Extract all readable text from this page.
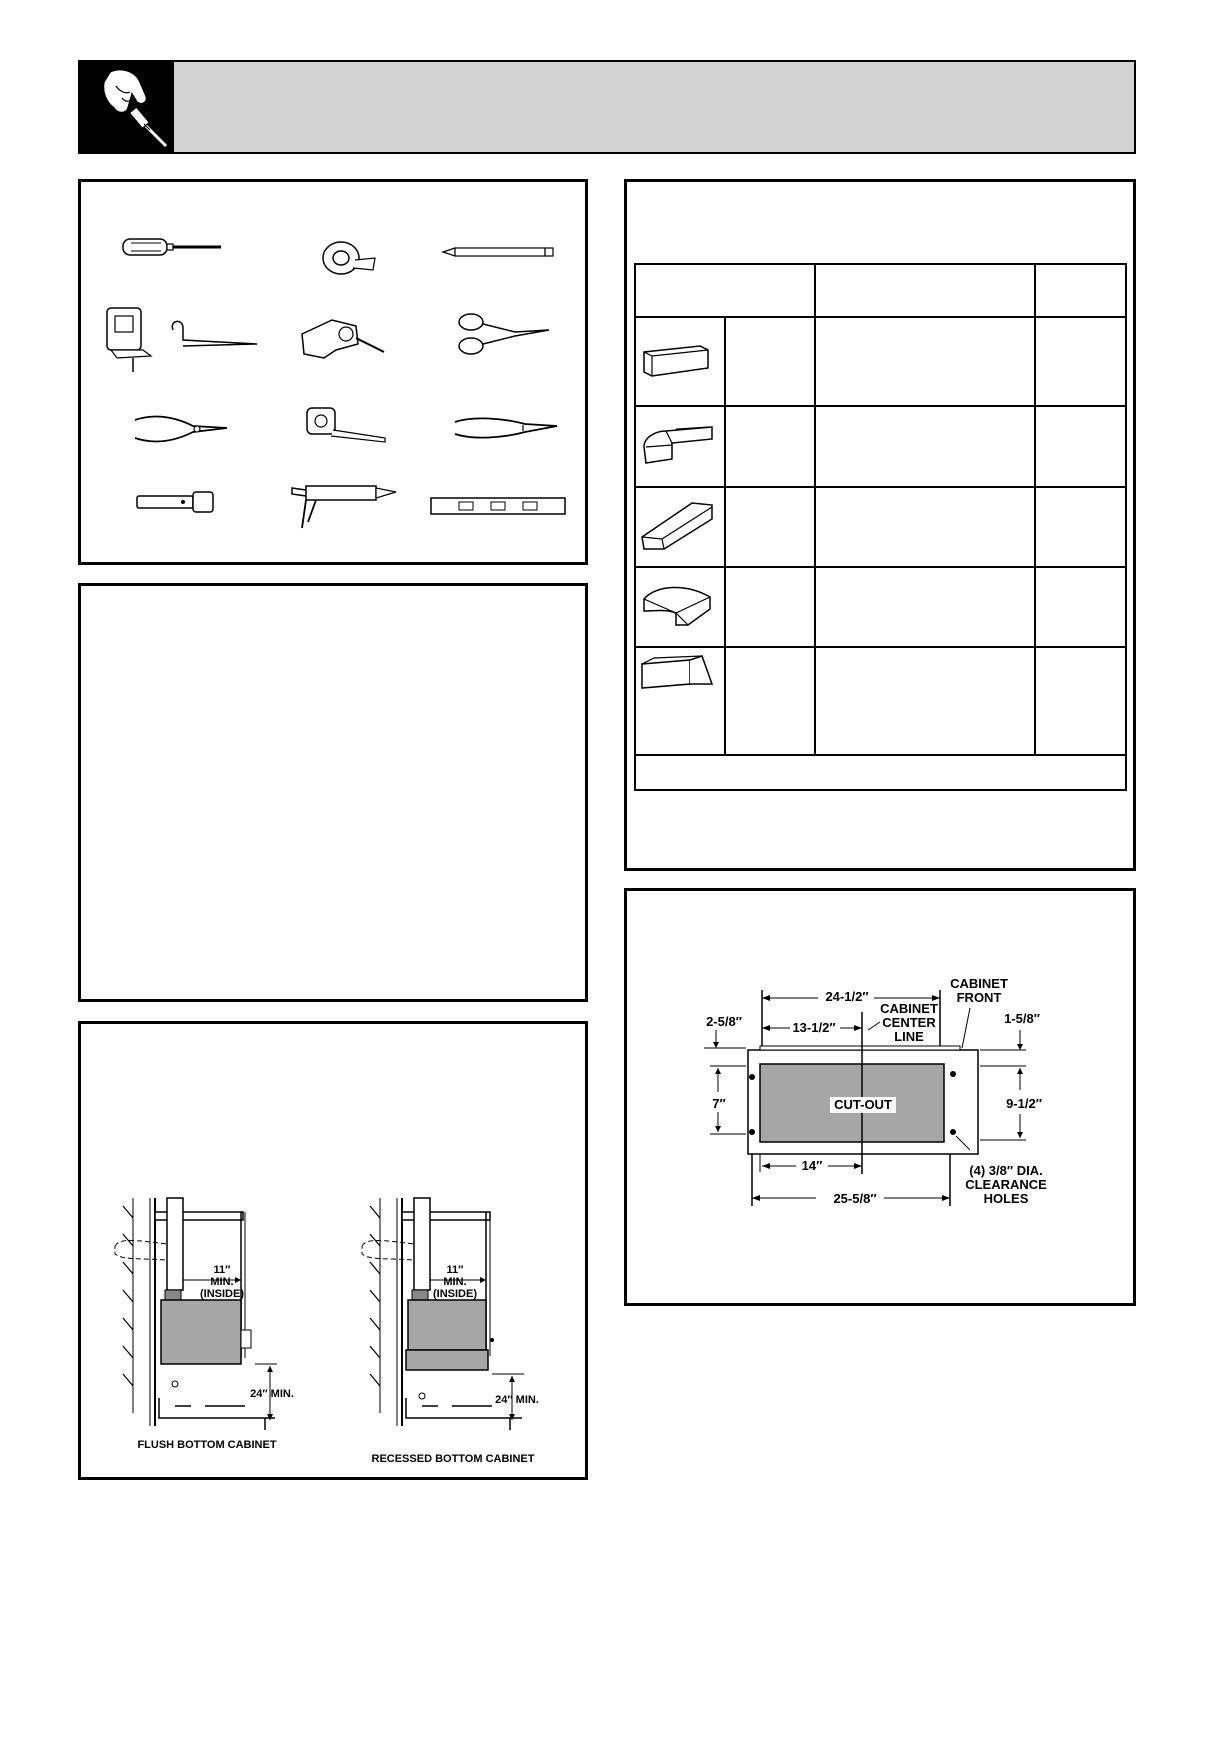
11″
MIN.
(INSIDE)
24″ MIN.
FLUSH BOTTOM CABINET
11″
MIN.
(INSIDE)
24″ MIN.
RECESSED BOTTOM CABINET

CABINET
FRONT
24-1/2″
2-5/8″	13-1/2″
CABINET
CENTER
LINE
1-5/8″
7″	CUT-OUT	9-1/2″
14″	(4) 3/8″ DIA.
CLEARANCE
HOLES
25-5/8″
